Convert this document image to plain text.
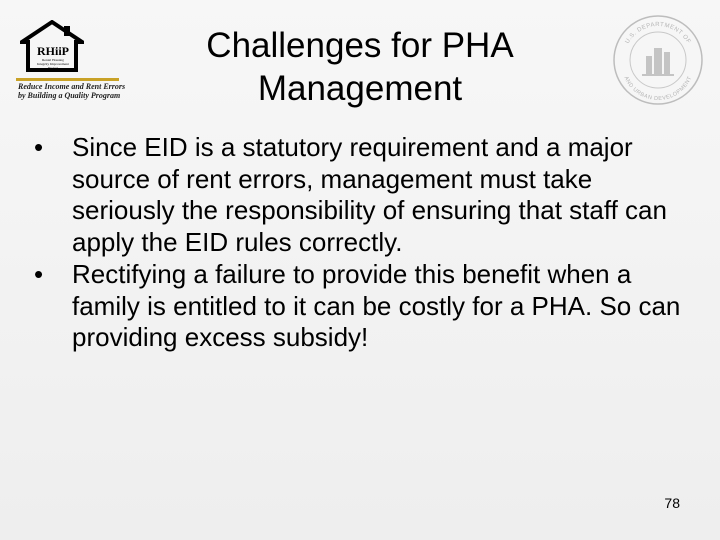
RHiiP
Rental Housing Integrity Improvement Project
Reduce Income and Rent Errors by Building a Quality Program
U.S. DEPARTMENT OF
AND URBAN DEVELOPMENT
Challenges for PHA
Management
•	Since EID is a statutory requirement and a major source of rent errors, management must take seriously the responsibility of ensuring that staff can apply the EID rules correctly.
•	Rectifying a failure to provide this benefit when a family is entitled to it can be costly for a PHA. So can providing excess subsidy!
78
